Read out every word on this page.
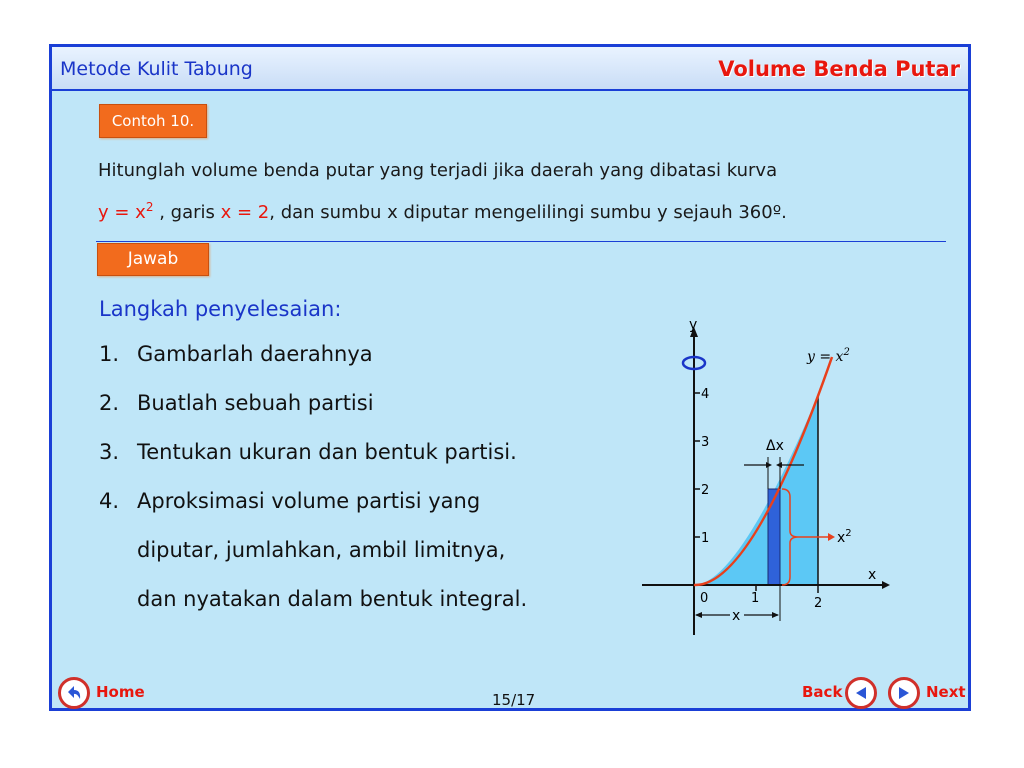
Metode Kulit Tabung	Volume Benda Putar
Contoh 10.
Hitunglah volume benda putar yang terjadi jika daerah yang dibatasi kurva
$y = x^2$ , garis x = 2, dan sumbu x diputar mengelilingi sumbu y sejauh 360º.
Jawab
Langkah penyelesaian:
1. Gambarlah daerahnya
2. Buatlah sebuah partisi
3. Tentukan ukuran dan bentuk partisi.
4. Aproksimasi volume partisi yang
diputar, jumlahkan, ambil limitnya,
dan nyatakan dalam bentuk integral.
y
x
1
2
3
4
0	1	2
$y = x^2$
Δx
$x^2$
x
Home	15/17	Back	Next
